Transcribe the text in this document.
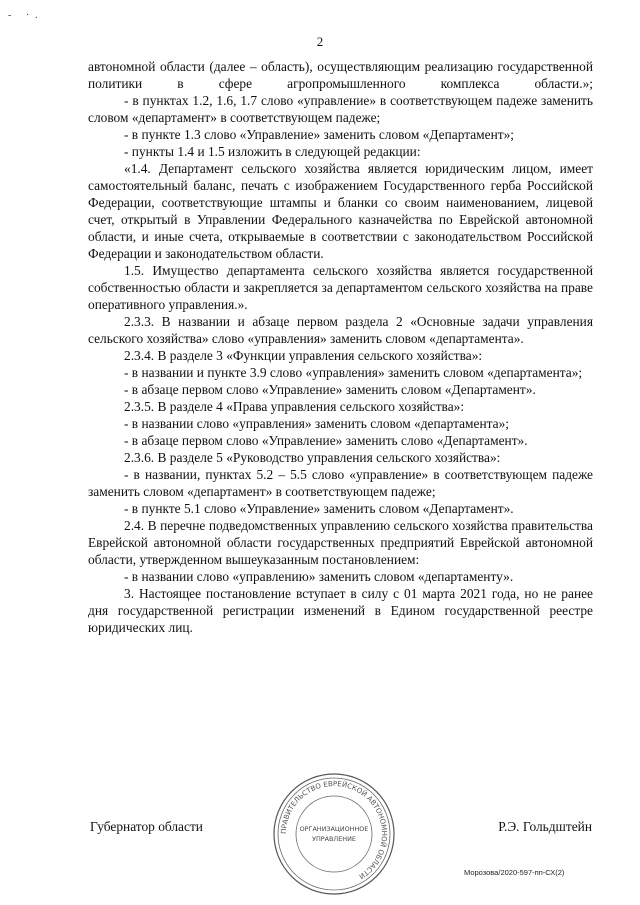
- ·.
2

автономной области (далее – область), осуществляющим реализацию государственной политики в сфере агропромышленного комплекса области.»;

- в пунктах 1.2, 1.6, 1.7 слово «управление» в соответствующем падеже заменить словом «департамент» в соответствующем падеже;

- в пункте 1.3 слово «Управление» заменить словом «Департамент»;

- пункты 1.4 и 1.5 изложить в следующей редакции:

«1.4. Департамент сельского хозяйства является юридическим лицом, имеет самостоятельный баланс, печать с изображением Государственного герба Российской Федерации, соответствующие штампы и бланки со своим наименованием, лицевой счет, открытый в Управлении Федерального казначейства по Еврейской автономной области, и иные счета, открываемые в соответствии с законодательством Российской Федерации и законодательством области.

1.5. Имущество департамента сельского хозяйства является государственной собственностью области и закрепляется за департаментом сельского хозяйства на праве оперативного управления.».

2.3.3. В названии и абзаце первом раздела 2 «Основные задачи управления сельского хозяйства» слово «управления» заменить словом «департамента».

2.3.4. В разделе 3 «Функции управления сельского хозяйства»:

- в названии и пункте 3.9 слово «управления» заменить словом «департамента»;

- в абзаце первом слово «Управление» заменить словом «Департамент».

2.3.5. В разделе 4 «Права управления сельского хозяйства»:

- в названии слово «управления» заменить словом «департамента»;

- в абзаце первом слово «Управление» заменить слово «Департамент».

2.3.6. В разделе 5 «Руководство управления сельского хозяйства»:

- в названии, пунктах 5.2 – 5.5 слово «управление» в соответствующем падеже заменить словом «департамент» в соответствующем падеже;

- в пункте 5.1 слово «Управление» заменить словом «Департамент».

2.4. В перечне подведомственных управлению сельского хозяйства правительства Еврейской автономной области государственных предприятий Еврейской автономной области, утвержденном вышеуказанным постановлением:

- в названии слово «управлению» заменить словом «департаменту».

3. Настоящее постановление вступает в силу с 01 марта 2021 года, но не ранее дня государственной регистрации изменений в Едином государственной реестре юридических лиц.

ПРАВИТЕЛЬСТВО ЕВРЕЙСКОЙ АВТОНОМНОЙ ОБЛАСТИ
ОРГАНИЗАЦИОННОЕ
УПРАВЛЕНИЕ
Губернатор области	Р.Э. Гольдштейн
Морозова/2020-597-пп-СХ(2)
